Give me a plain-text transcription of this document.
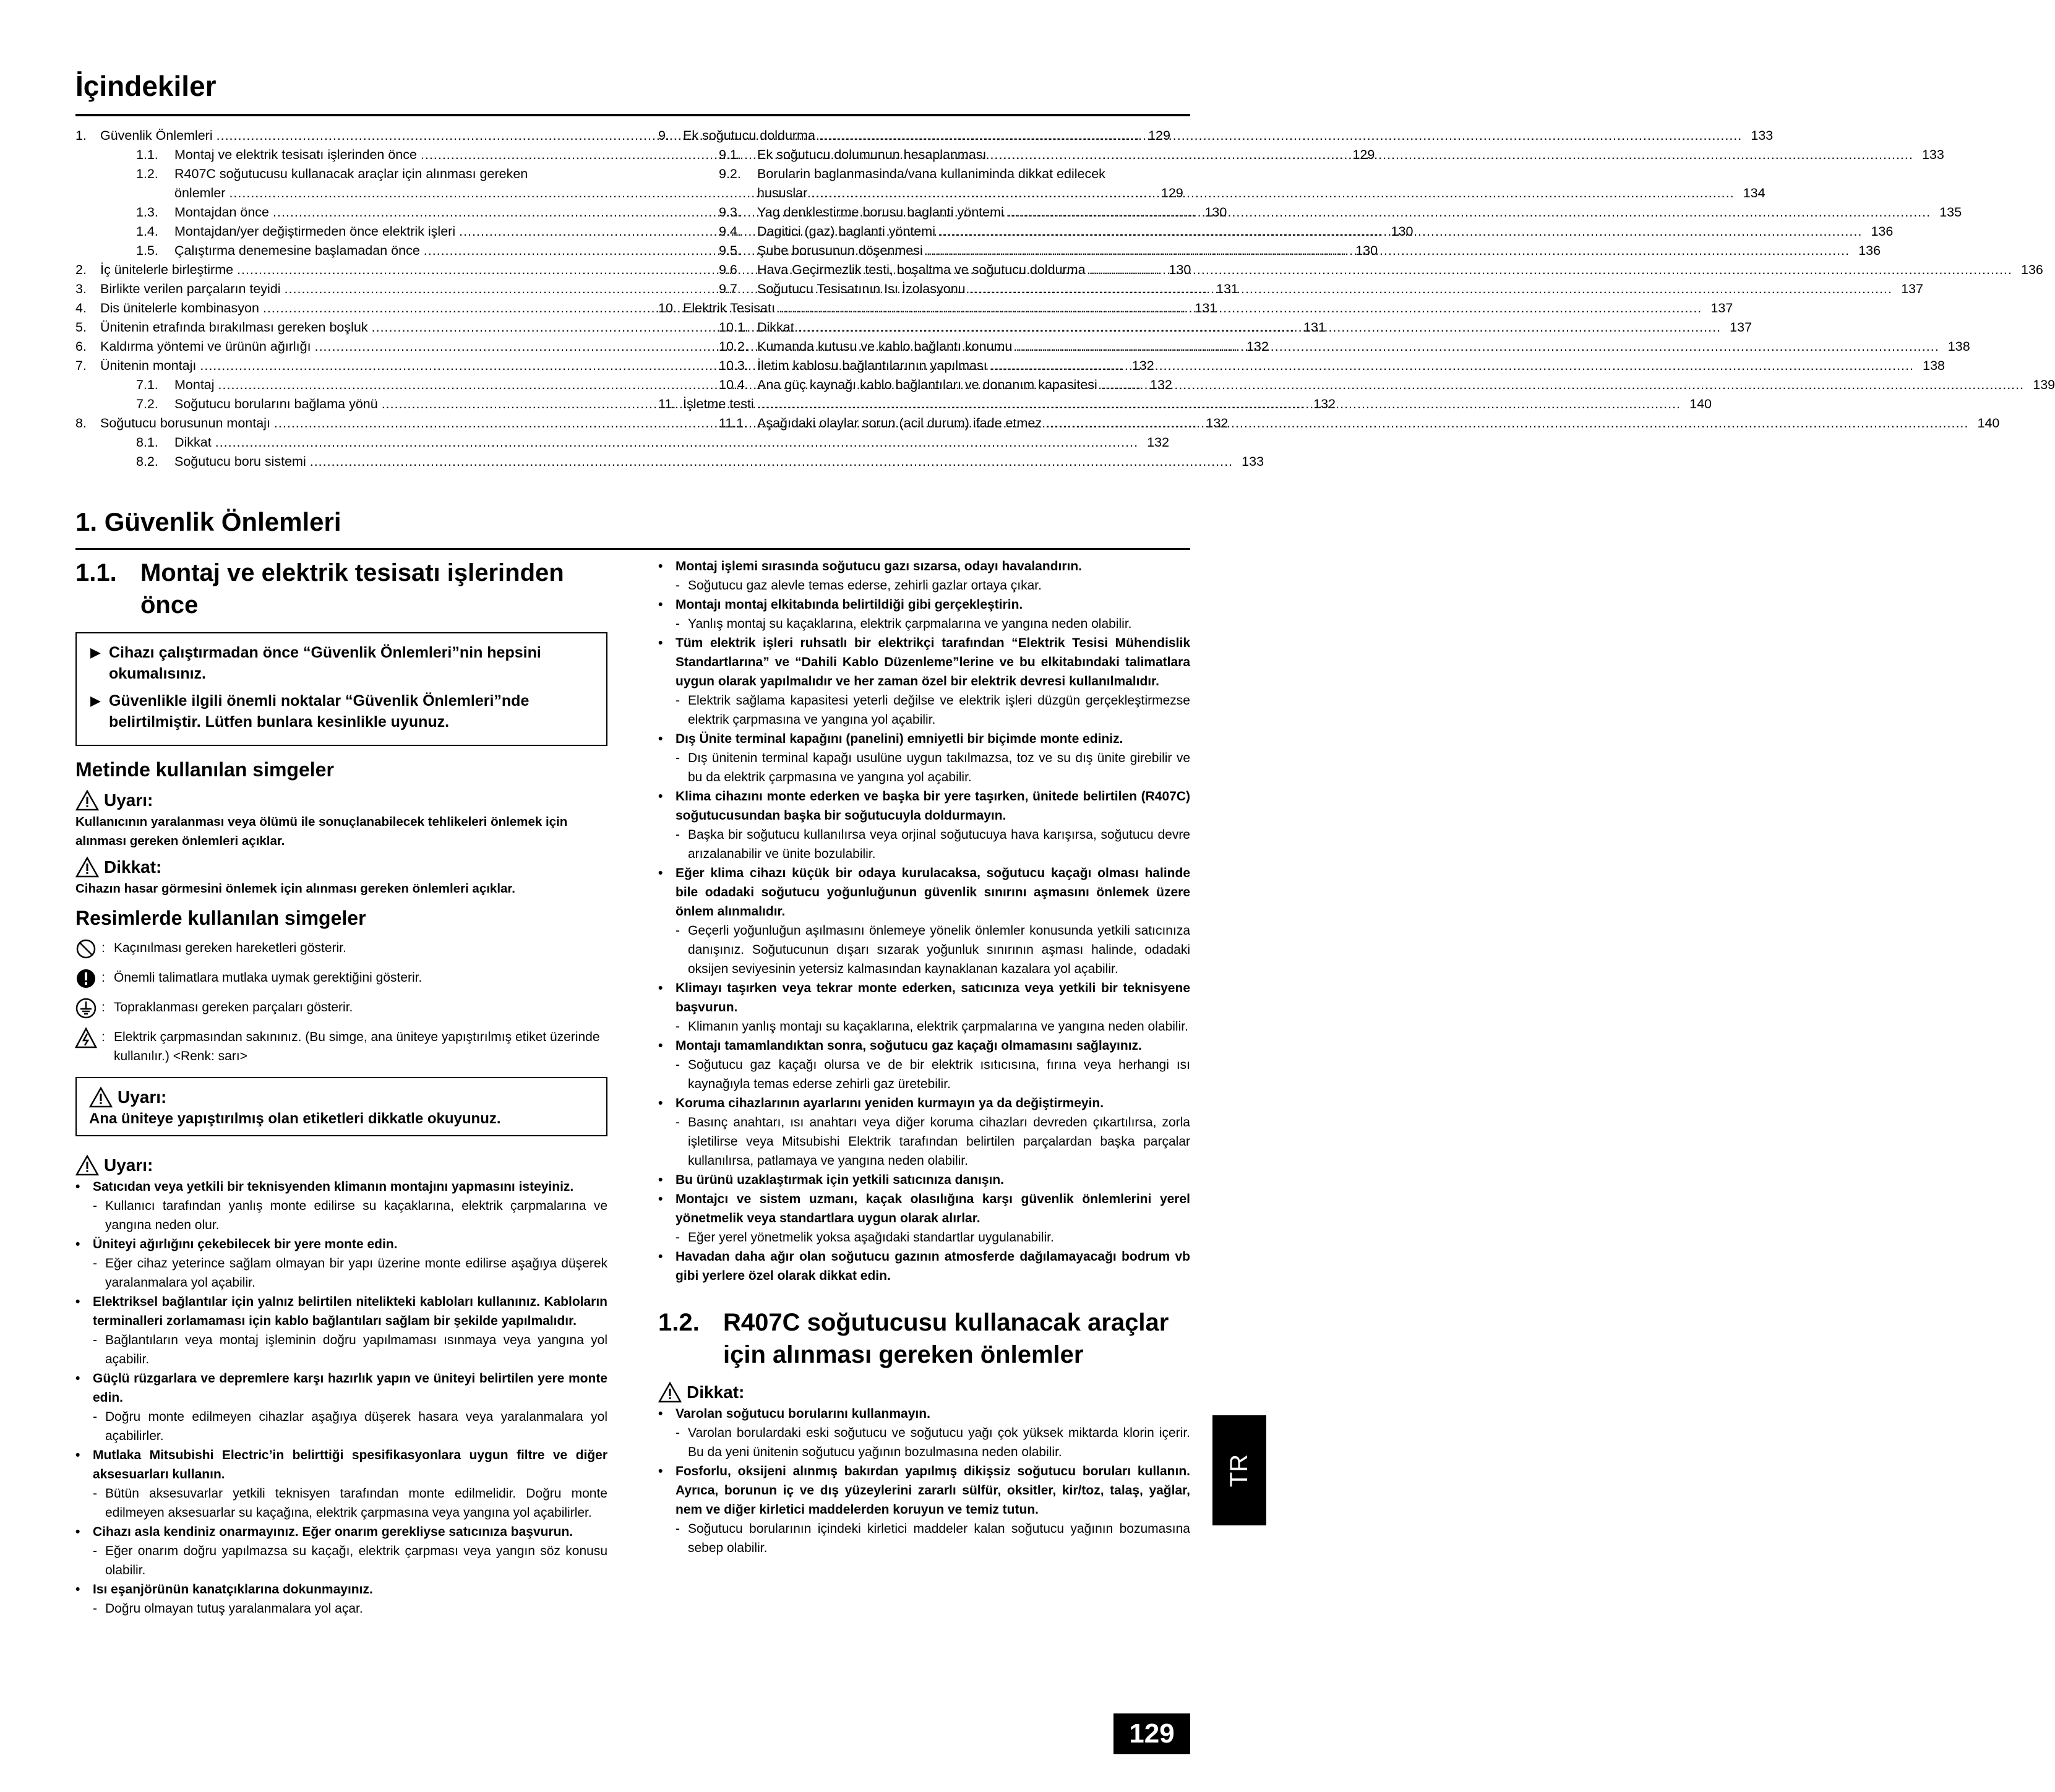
İçindekiler
1.	Güvenlik Önlemleri .....	129
1.1.	Montaj ve elektrik tesisatı işlerinden önce .....	129
1.2.	R407C soğutucusu kullanacak araçlar için alınması gereken
önlemler .....	129
1.3.	Montajdan önce .....	130
1.4.	Montajdan/yer değiştirmeden önce elektrik işleri .....	130
1.5.	Çalıştırma denemesine başlamadan önce .....	130
2.	İç ünitelerle birleştirme .....	130
3.	Birlikte verilen parçaların teyidi .....	131
4.	Dis ünitelerle kombinasyon .....	131
5.	Ünitenin etrafında bırakılması gereken boşluk .....	131
6.	Kaldırma yöntemi ve ürünün ağırlığı .....	132
7.	Ünitenin montajı .....	132
7.1.	Montaj .....	132
7.2.	Soğutucu borularını bağlama yönü .....	132
8.	Soğutucu borusunun montajı .....	132
8.1.	Dikkat .....	132
8.2.	Soğutucu boru sistemi .....	133
9.	Ek soğutucu doldurma .....	133
9.1.	Ek soğutucu dolumunun hesaplanması .....	133
9.2.	Borularin baglanmasinda/vana kullaniminda dikkat edilecek
hususlar .....	134
9.3.	Yag denklestirme borusu baglanti yöntemi .....	135
9.4.	Dagitici (gaz) baglanti yöntemi .....	136
9.5.	Şube borusunun döşenmesi .....	136
9.6	Hava Geçirmezlik testi, boşaltma ve soğutucu doldurma .....	136
9.7	Soğutucu Tesisatının Isı İzolasyonu .....	137
10. Elektrik Tesisatı .....	137
10.1. Dikkat .....	137
10.2. Kumanda kutusu ve kablo bağlantı konumu .....	138
10.3. İletim kablosu bağlantılarının yapılması .....	138
10.4. Ana güç kaynağı kablo bağlantıları ve donanım kapasitesi .....	139
11. İşletme testi .....	140
11.1. Aşağıdaki olaylar sorun (acil durum) ifade etmez .....	140
1. Güvenlik Önlemleri
1.1. Montaj ve elektrik tesisatı işlerinden önce
▶ Cihazı çalıştırmadan önce “Güvenlik Önlemleri”nin hepsini okumalısınız.
▶ Güvenlikle ilgili önemli noktalar “Güvenlik Önlemleri”nde belirtilmiştir. Lütfen bunlara kesinlikle uyunuz.
Metinde kullanılan simgeler
Uyarı:
Kullanıcının yaralanması veya ölümü ile sonuçlanabilecek tehlikeleri önlemek için alınması gereken önlemleri açıklar.
Dikkat:
Cihazın hasar görmesini önlemek için alınması gereken önlemleri açıklar.
Resimlerde kullanılan simgeler
: Kaçınılması gereken hareketleri gösterir.
: Önemli talimatlara mutlaka uymak gerektiğini gösterir.
: Topraklanması gereken parçaları gösterir.
: Elektrik çarpmasından sakınınız. (Bu simge, ana üniteye yapıştırılmış etiket üzerinde kullanılır.) <Renk: sarı>
Uyarı:
Ana üniteye yapıştırılmış olan etiketleri dikkatle okuyunuz.
Uyarı:
• Satıcıdan veya yetkili bir teknisyenden klimanın montajını yapmasını isteyiniz.
- Kullanıcı tarafından yanlış monte edilirse su kaçaklarına, elektrik çarpmalarına ve yangına neden olur.
• Üniteyi ağırlığını çekebilecek bir yere monte edin.
- Eğer cihaz yeterince sağlam olmayan bir yapı üzerine monte edilirse aşağıya düşerek yaralanmalara yol açabilir.
• Elektriksel bağlantılar için yalnız belirtilen nitelikteki kabloları kullanınız. Kabloların terminalleri zorlamaması için kablo bağlantıları sağlam bir şekilde yapılmalıdır.
- Bağlantıların veya montaj işleminin doğru yapılmaması ısınmaya veya yangına yol açabilir.
• Güçlü rüzgarlara ve depremlere karşı hazırlık yapın ve üniteyi belirtilen yere monte edin.
- Doğru monte edilmeyen cihazlar aşağıya düşerek hasara veya yaralanmalara yol açabilirler.
• Mutlaka Mitsubishi Electric’in belirttiği spesifikasyonlara uygun filtre ve diğer aksesuarları kullanın.
- Bütün aksesuvarlar yetkili teknisyen tarafından monte edilmelidir. Doğru monte edilmeyen aksesuarlar su kaçağına, elektrik çarpmasına veya yangına yol açabilirler.
• Cihazı asla kendiniz onarmayınız. Eğer onarım gerekliyse satıcınıza başvurun.
- Eğer onarım doğru yapılmazsa su kaçağı, elektrik çarpması veya yangın söz konusu olabilir.
• Isı eşanjörünün kanatçıklarına dokunmayınız.
- Doğru olmayan tutuş yaralanmalara yol açar.
• Montaj işlemi sırasında soğutucu gazı sızarsa, odayı havalandırın.
- Soğutucu gaz alevle temas ederse, zehirli gazlar ortaya çıkar.
• Montajı montaj elkitabında belirtildiği gibi gerçekleştirin.
- Yanlış montaj su kaçaklarına, elektrik çarpmalarına ve yangına neden olabilir.
• Tüm elektrik işleri ruhsatlı bir elektrikçi tarafından “Elektrik Tesisi Mühendislik Standartlarına” ve “Dahili Kablo Düzenleme”lerine ve bu elkitabındaki talimatlara uygun olarak yapılmalıdır ve her zaman özel bir elektrik devresi kullanılmalıdır.
- Elektrik sağlama kapasitesi yeterli değilse ve elektrik işleri düzgün gerçekleştirmezse elektrik çarpmasına ve yangına yol açabilir.
• Dış Ünite terminal kapağını (panelini) emniyetli bir biçimde monte ediniz.
- Dış ünitenin terminal kapağı usulüne uygun takılmazsa, toz ve su dış ünite girebilir ve bu da elektrik çarpmasına ve yangına yol açabilir.
• Klima cihazını monte ederken ve başka bir yere taşırken, ünitede belirtilen (R407C) soğutucusundan başka bir soğutucuyla doldurmayın.
- Başka bir soğutucu kullanılırsa veya orjinal soğutucuya hava karışırsa, soğutucu devre arızalanabilir ve ünite bozulabilir.
• Eğer klima cihazı küçük bir odaya kurulacaksa, soğutucu kaçağı olması halinde bile odadaki soğutucu yoğunluğunun güvenlik sınırını aşmasını önlemek üzere önlem alınmalıdır.
- Geçerli yoğunluğun aşılmasını önlemeye yönelik önlemler konusunda yetkili satıcınıza danışınız. Soğutucunun dışarı sızarak yoğunluk sınırının aşması halinde, odadaki oksijen seviyesinin yetersiz kalmasından kaynaklanan kazalara yol açabilir.
• Klimayı taşırken veya tekrar monte ederken, satıcınıza veya yetkili bir teknisyene başvurun.
- Klimanın yanlış montajı su kaçaklarına, elektrik çarpmalarına ve yangına neden olabilir.
• Montajı tamamlandıktan sonra, soğutucu gaz kaçağı olmamasını sağlayınız.
- Soğutucu gaz kaçağı olursa ve de bir elektrik ısıtıcısına, fırına veya herhangi ısı kaynağıyla temas ederse zehirli gaz üretebilir.
• Koruma cihazlarının ayarlarını yeniden kurmayın ya da değiştirmeyin.
- Basınç anahtarı, ısı anahtarı veya diğer koruma cihazları devreden çıkartılırsa, zorla işletilirse veya Mitsubishi Elektrik tarafından belirtilen parçalardan başka parçalar kullanılırsa, patlamaya ve yangına neden olabilir.
• Bu ürünü uzaklaştırmak için yetkili satıcınıza danışın.
• Montajcı ve sistem uzmanı, kaçak olasılığına karşı güvenlik önlemlerini yerel yönetmelik veya standartlara uygun olarak alırlar.
- Eğer yerel yönetmelik yoksa aşağıdaki standartlar uygulanabilir.
• Havadan daha ağır olan soğutucu gazının atmosferde dağılamayacağı bodrum vb gibi yerlere özel olarak dikkat edin.
1.2. R407C soğutucusu kullanacak araçlar için alınması gereken önlemler
Dikkat:
• Varolan soğutucu borularını kullanmayın.
- Varolan borulardaki eski soğutucu ve soğutucu yağı çok yüksek miktarda klorin içerir. Bu da yeni ünitenin soğutucu yağının bozulmasına neden olabilir.
• Fosforlu, oksijeni alınmış bakırdan yapılmış dikişsiz soğutucu boruları kullanın. Ayrıca, borunun iç ve dış yüzeylerini zararlı sülfür, oksitler, kir/toz, talaş, yağlar, nem ve diğer kirletici maddelerden koruyun ve temiz tutun.
- Soğutucu borularının içindeki kirletici maddeler kalan soğutucu yağının bozumasına sebep olabilir.
TR
129
